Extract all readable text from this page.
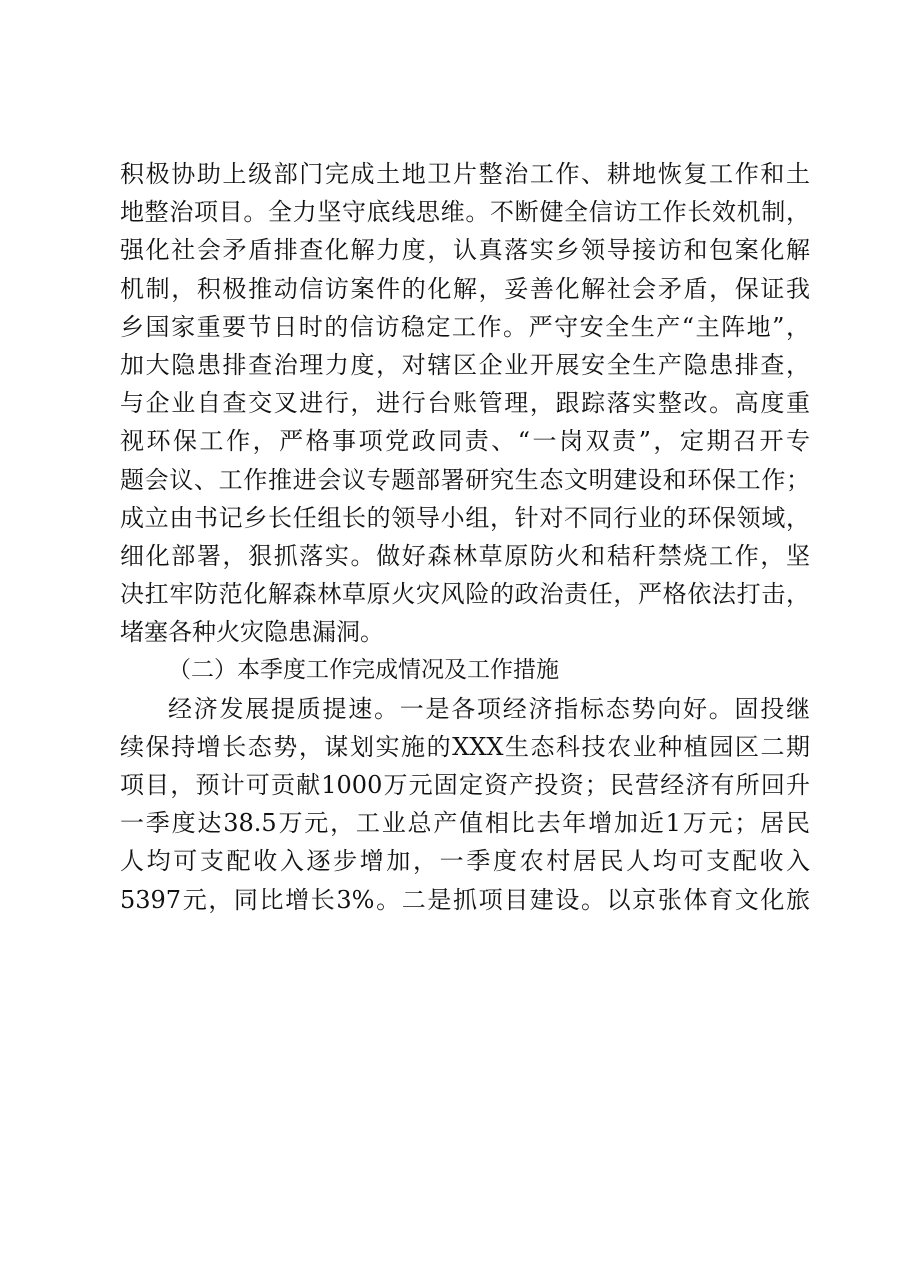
积极协助上级部门完成土地卫片整治工作、耕地恢复工作和土
地整治项目。全力坚守底线思维。不断健全信访工作长效机制，
强化社会矛盾排查化解力度，认真落实乡领导接访和包案化解
机制，积极推动信访案件的化解，妥善化解社会矛盾，保证我
乡国家重要节日时的信访稳定工作。严守安全生产“主阵地”，
加大隐患排查治理力度，对辖区企业开展安全生产隐患排查，
与企业自查交叉进行，进行台账管理，跟踪落实整改。高度重
视环保工作，严格事项党政同责、“一岗双责”，定期召开专
题会议、工作推进会议专题部署研究生态文明建设和环保工作；
成立由书记乡长任组长的领导小组，针对不同行业的环保领域，
细化部署，狠抓落实。做好森林草原防火和秸秆禁烧工作，坚
决扛牢防范化解森林草原火灾风险的政治责任，严格依法打击，
堵塞各种火灾隐患漏洞。
（二）本季度工作完成情况及工作措施
经济发展提质提速。一是各项经济指标态势向好。固投继
续保持增长态势，谋划实施的XXX生态科技农业种植园区二期
项目，预计可贡献1000万元固定资产投资；民营经济有所回升
一季度达38.5万元，工业总产值相比去年增加近1万元；居民
人均可支配收入逐步增加，一季度农村居民人均可支配收入
5397元，同比增长3%。二是抓项目建设。以京张体育文化旅
